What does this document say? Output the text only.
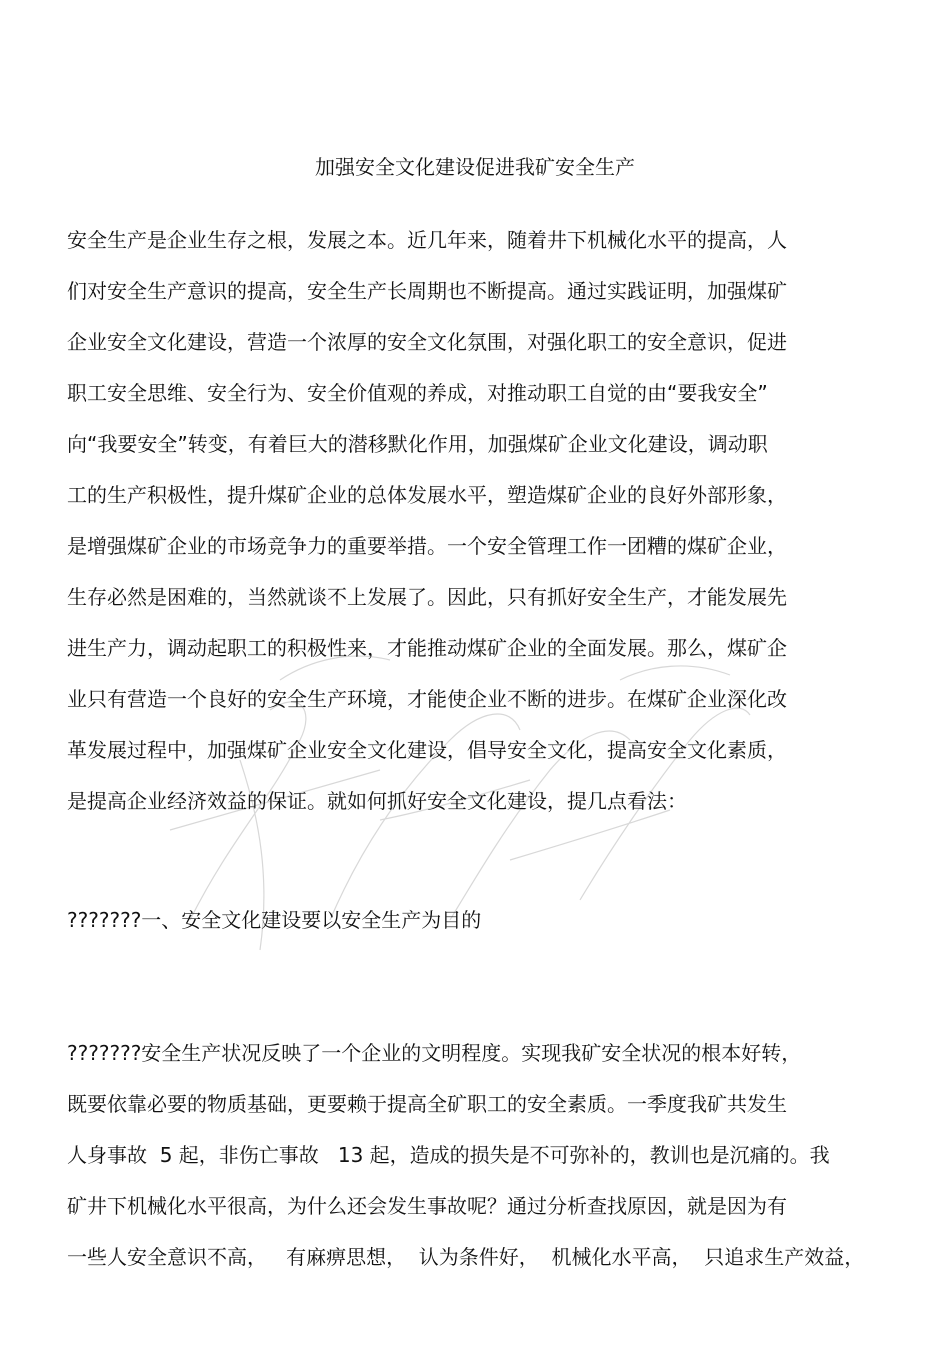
加强安全文化建设促进我矿安全生产
安全生产是企业生存之根，发展之本。近几年来，随着井下机械化水平的提高，人
们对安全生产意识的提高，安全生产长周期也不断提高。通过实践证明，加强煤矿
企业安全文化建设，营造一个浓厚的安全文化氛围，对强化职工的安全意识，促进
职工安全思维、安全行为、安全价值观的养成，对推动职工自觉的由“要我安全”
向“我要安全”转变，有着巨大的潜移默化作用，加强煤矿企业文化建设，调动职
工的生产积极性，提升煤矿企业的总体发展水平，塑造煤矿企业的良好外部形象，
是增强煤矿企业的市场竞争力的重要举措。一个安全管理工作一团糟的煤矿企业，
生存必然是困难的，当然就谈不上发展了。因此，只有抓好安全生产，才能发展先
进生产力，调动起职工的积极性来，才能推动煤矿企业的全面发展。那么，煤矿企
业只有营造一个良好的安全生产环境，才能使企业不断的进步。在煤矿企业深化改
革发展过程中，加强煤矿企业安全文化建设，倡导安全文化，提高安全文化素质，
是提高企业经济效益的保证。就如何抓好安全文化建设，提几点看法：
???????一、安全文化建设要以安全生产为目的
???????安全生产状况反映了一个企业的文明程度。实现我矿安全状况的根本好转，
既要依靠必要的物质基础，更要赖于提高全矿职工的安全素质。一季度我矿共发生
人身事故  5 起，非伤亡事故   13 起，造成的损失是不可弥补的，教训也是沉痛的。我
矿井下机械化水平很高，为什么还会发生事故呢？通过分析查找原因，就是因为有
一些人安全意识不高，   有麻痹思想，  认为条件好，  机械化水平高，  只追求生产效益，
